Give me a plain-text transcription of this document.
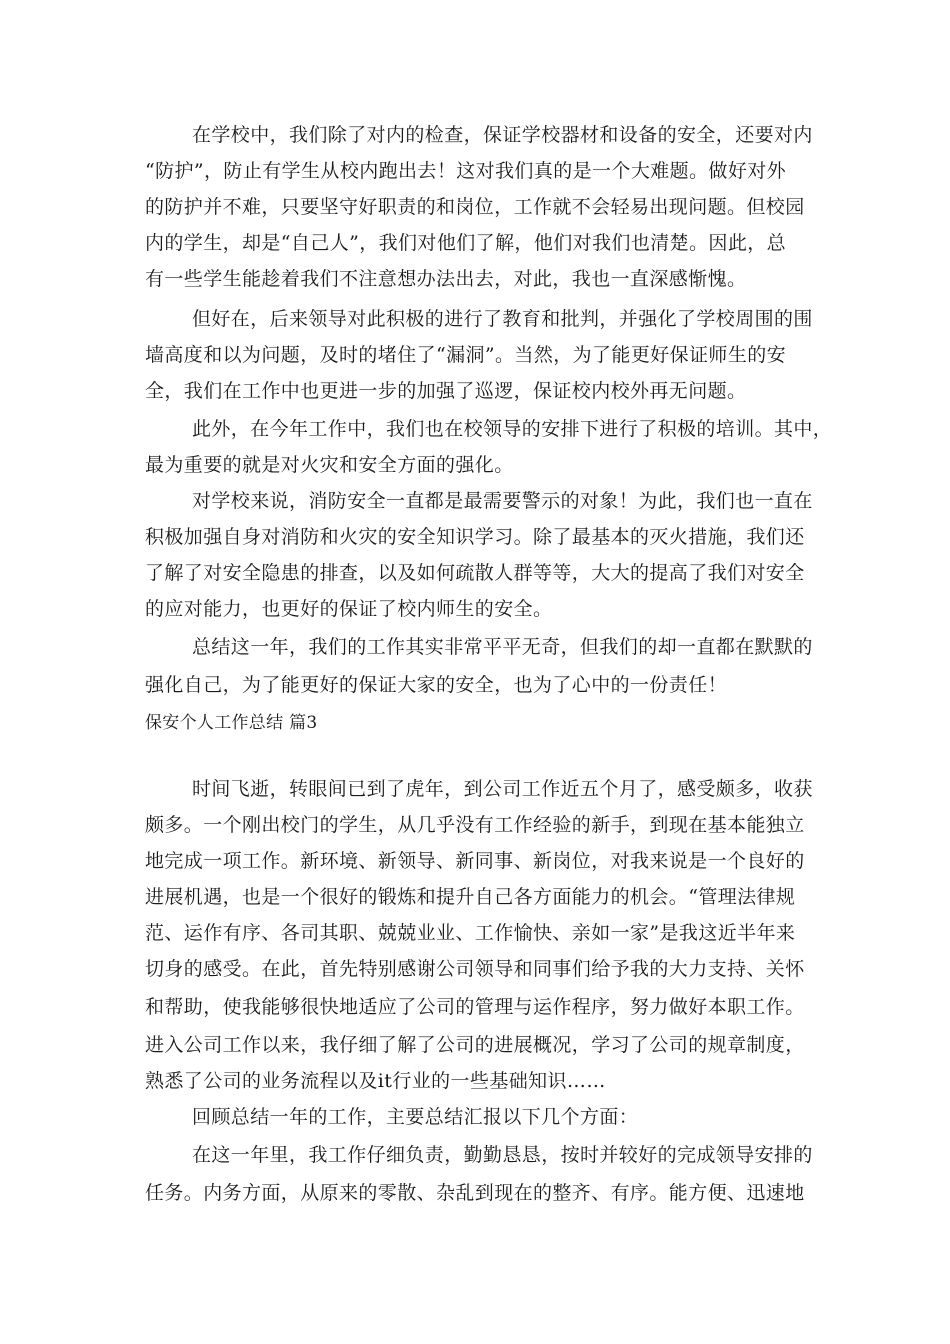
在学校中，我们除了对内的检查，保证学校器材和设备的安全，还要对内
“防护”，防止有学生从校内跑出去！这对我们真的是一个大难题。做好对外
的防护并不难，只要坚守好职责的和岗位，工作就不会轻易出现问题。但校园
内的学生，却是“自己人”，我们对他们了解，他们对我们也清楚。因此，总
有一些学生能趁着我们不注意想办法出去，对此，我也一直深感惭愧。
但好在，后来领导对此积极的进行了教育和批判，并强化了学校周围的围
墙高度和以为问题，及时的堵住了“漏洞”。当然，为了能更好保证师生的安
全，我们在工作中也更进一步的加强了巡逻，保证校内校外再无问题。
此外，在今年工作中，我们也在校领导的安排下进行了积极的培训。其中，
最为重要的就是对火灾和安全方面的强化。
对学校来说，消防安全一直都是最需要警示的对象！为此，我们也一直在
积极加强自身对消防和火灾的安全知识学习。除了最基本的灭火措施，我们还
了解了对安全隐患的排查，以及如何疏散人群等等，大大的提高了我们对安全
的应对能力，也更好的保证了校内师生的安全。
总结这一年，我们的工作其实非常平平无奇，但我们的却一直都在默默的
强化自己，为了能更好的保证大家的安全，也为了心中的一份责任！
保安个人工作总结 篇3
时间飞逝，转眼间已到了虎年，到公司工作近五个月了，感受颇多，收获
颇多。一个刚出校门的学生，从几乎没有工作经验的新手，到现在基本能独立
地完成一项工作。新环境、新领导、新同事、新岗位，对我来说是一个良好的
进展机遇，也是一个很好的锻炼和提升自己各方面能力的机会。“管理法律规
范、运作有序、各司其职、兢兢业业、工作愉快、亲如一家”是我这近半年来
切身的感受。在此，首先特别感谢公司领导和同事们给予我的大力支持、关怀
和帮助，使我能够很快地适应了公司的管理与运作程序，努力做好本职工作。
进入公司工作以来，我仔细了解了公司的进展概况，学习了公司的规章制度，
熟悉了公司的业务流程以及it行业的一些基础知识……
回顾总结一年的工作，主要总结汇报以下几个方面：
在这一年里，我工作仔细负责，勤勤恳恳，按时并较好的完成领导安排的
任务。内务方面，从原来的零散、杂乱到现在的整齐、有序。能方便、迅速地
